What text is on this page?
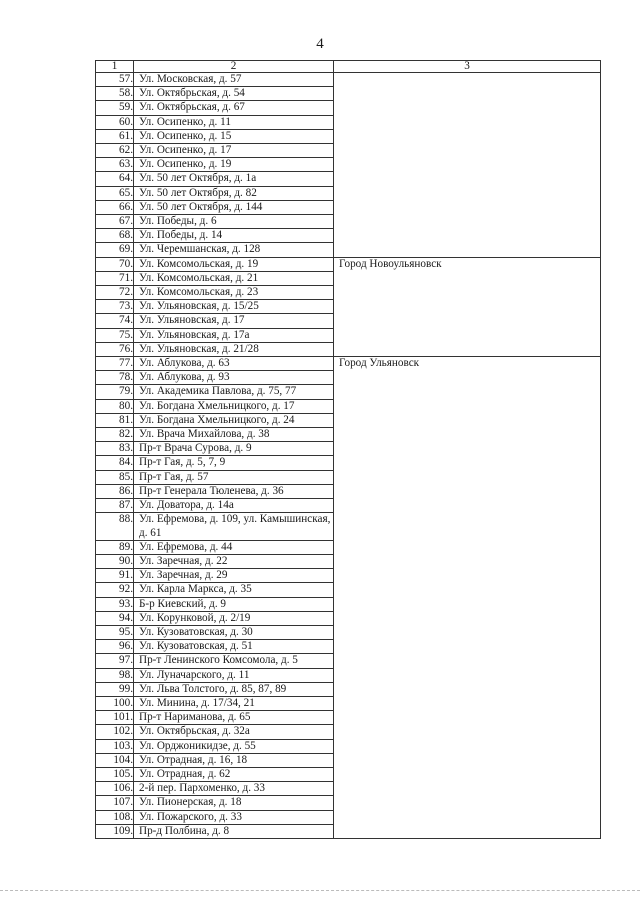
4
1	2	3
57.	Ул. Московская, д. 57	
58.	Ул. Октябрьская, д. 54	
59.	Ул. Октябрьская, д. 67	
60.	Ул. Осипенко, д. 11	
61.	Ул. Осипенко, д. 15	
62.	Ул. Осипенко, д. 17	
63.	Ул. Осипенко, д. 19	
64.	Ул. 50 лет Октября, д. 1а	
65.	Ул. 50 лет Октября, д. 82	
66.	Ул. 50 лет Октября, д. 144	
67.	Ул. Победы, д. 6	
68.	Ул. Победы, д. 14	
69.	Ул. Черемшанская, д. 128	
70.	Ул. Комсомольская, д. 19	Город Новоульяновск
71.	Ул. Комсомольская, д. 21	
72.	Ул. Комсомольская, д. 23	
73.	Ул. Ульяновская, д. 15/25	
74.	Ул. Ульяновская, д. 17	
75.	Ул. Ульяновская, д. 17а	
76.	Ул. Ульяновская, д. 21/28	
77.	Ул. Аблукова, д. 63	Город Ульяновск
78.	Ул. Аблукова, д. 93	
79.	Ул. Академика Павлова, д. 75, 77	
80.	Ул. Богдана Хмельницкого, д. 17	
81.	Ул. Богдана Хмельницкого, д. 24	
82.	Ул. Врача Михайлова, д. 38	
83.	Пр-т Врача Сурова, д. 9	
84.	Пр-т Гая, д. 5, 7, 9	
85.	Пр-т Гая, д. 57	
86.	Пр-т Генерала Тюленева, д. 36	
87.	Ул. Доватора, д. 14а	
88.	Ул. Ефремова, д. 109, ул. Камышинская, д. 61	
89.	Ул. Ефремова, д. 44	
90.	Ул. Заречная, д. 22	
91.	Ул. Заречная, д. 29	
92.	Ул. Карла Маркса, д. 35	
93.	Б-р Киевский, д. 9	
94.	Ул. Корунковой, д. 2/19	
95.	Ул. Кузоватовская, д. 30	
96.	Ул. Кузоватовская, д. 51	
97.	Пр-т Ленинского Комсомола, д. 5	
98.	Ул. Луначарского, д. 11	
99.	Ул. Льва Толстого, д. 85, 87, 89	
100.	Ул. Минина, д. 17/34, 21	
101.	Пр-т Нариманова, д. 65	
102.	Ул. Октябрьская, д. 32а	
103.	Ул. Орджоникидзе, д. 55	
104.	Ул. Отрадная, д. 16, 18	
105.	Ул. Отрадная, д. 62	
106.	2-й пер. Пархоменко, д. 33	
107.	Ул. Пионерская, д. 18	
108.	Ул. Пожарского, д. 33	
109.	Пр-д Полбина, д. 8	
